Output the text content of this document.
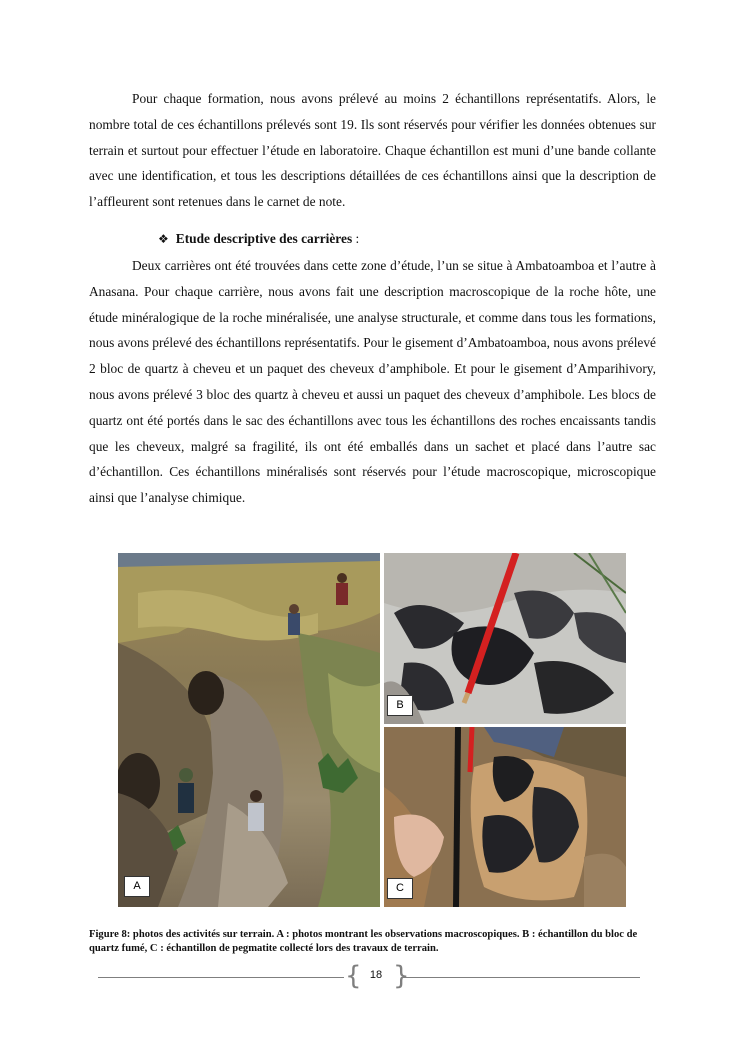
Pour chaque formation, nous avons prélevé au moins 2 échantillons représentatifs. Alors, le nombre total de ces échantillons prélevés sont 19. Ils sont réservés pour vérifier les données obtenues sur terrain et surtout pour effectuer l’étude en laboratoire. Chaque échantillon est muni d’une bande collante avec une identification, et tous les descriptions détaillées de ces échantillons ainsi que la description de l’affleurent sont retenues dans le carnet de note.

❖ Etude descriptive des carrières :

Deux carrières ont été trouvées dans cette zone d’étude, l’un se situe à Ambatoamboa et l’autre à Anasana. Pour chaque carrière, nous avons fait une description macroscopique de la roche hôte, une étude minéralogique de la roche minéralisée, une analyse structurale, et comme dans tous les formations, nous avons prélevé des échantillons représentatifs. Pour le gisement d’Ambatoamboa, nous avons prélevé 2 bloc de quartz à cheveu et un paquet des cheveux d’amphibole. Et pour le gisement d’Amparihivory, nous avons prélevé 3 bloc des quartz à cheveu et aussi un paquet des cheveux d’amphibole. Les blocs de quartz ont été portés dans le sac des échantillons avec tous les échantillons des roches encaissants tandis que les cheveux, malgré sa fragilité, ils ont été emballés dans un sachet et placé dans l’autre sac d’échantillon. Ces échantillons minéralisés sont réservés pour l’étude macroscopique, microscopique ainsi que l’analyse chimique.

A
B
C

Figure 8: photos des activités sur terrain. A : photos montrant les observations macroscopiques. B : échantillon du bloc de quartz fumé, C : échantillon de pegmatite collecté lors des travaux de terrain.

{ 18 }
